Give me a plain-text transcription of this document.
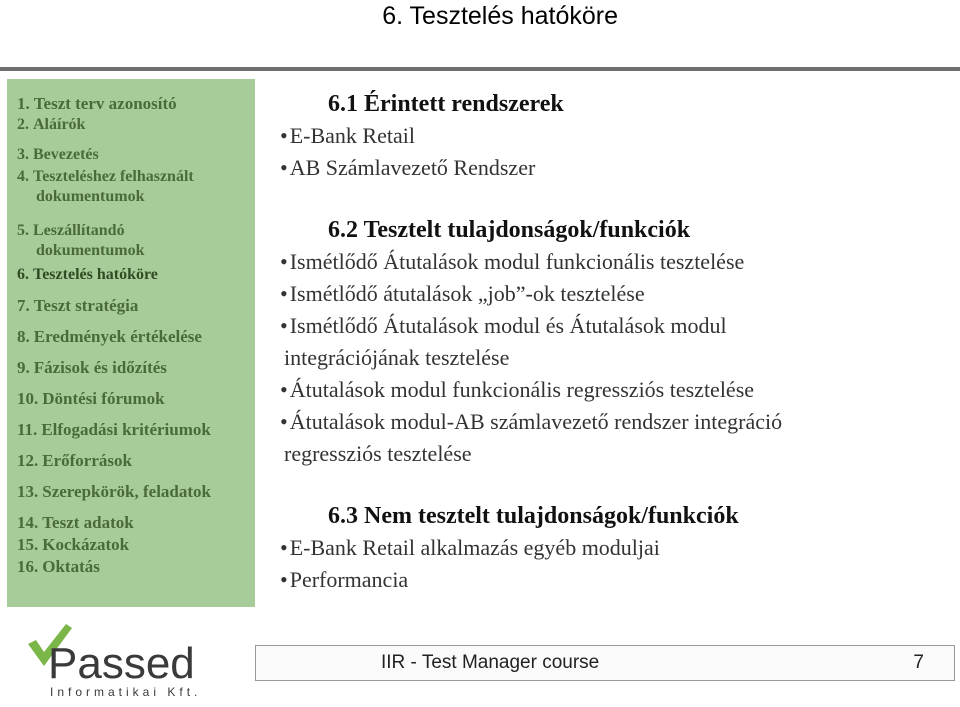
6. Tesztelés hatóköre
1. Teszt terv azonosító
2. Aláírók
3. Bevezetés
4. Teszteléshez felhasznált
dokumentumok
5. Leszállítandó
dokumentumok
6. Tesztelés hatóköre
7. Teszt stratégia
8. Eredmények értékelése
9. Fázisok és időzítés
10. Döntési fórumok
11. Elfogadási kritériumok
12. Erőforrások
13. Szerepkörök, feladatok
14. Teszt adatok
15. Kockázatok
16. Oktatás
6.1 Érintett rendszerek
•E-Bank Retail
•AB Számlavezető Rendszer
6.2 Tesztelt tulajdonságok/funkciók
•Ismétlődő Átutalások modul funkcionális tesztelése
•Ismétlődő átutalások „job”-ok tesztelése
•Ismétlődő Átutalások modul és Átutalások modul
integrációjának tesztelése
•Átutalások modul funkcionális regressziós tesztelése
•Átutalások modul-AB számlavezető rendszer integráció
regressziós tesztelése
6.3 Nem tesztelt tulajdonságok/funkciók
•E-Bank Retail alkalmazás egyéb moduljai
•Performancia
Passed
Informatikai Kft.
IIR - Test Manager course	7
